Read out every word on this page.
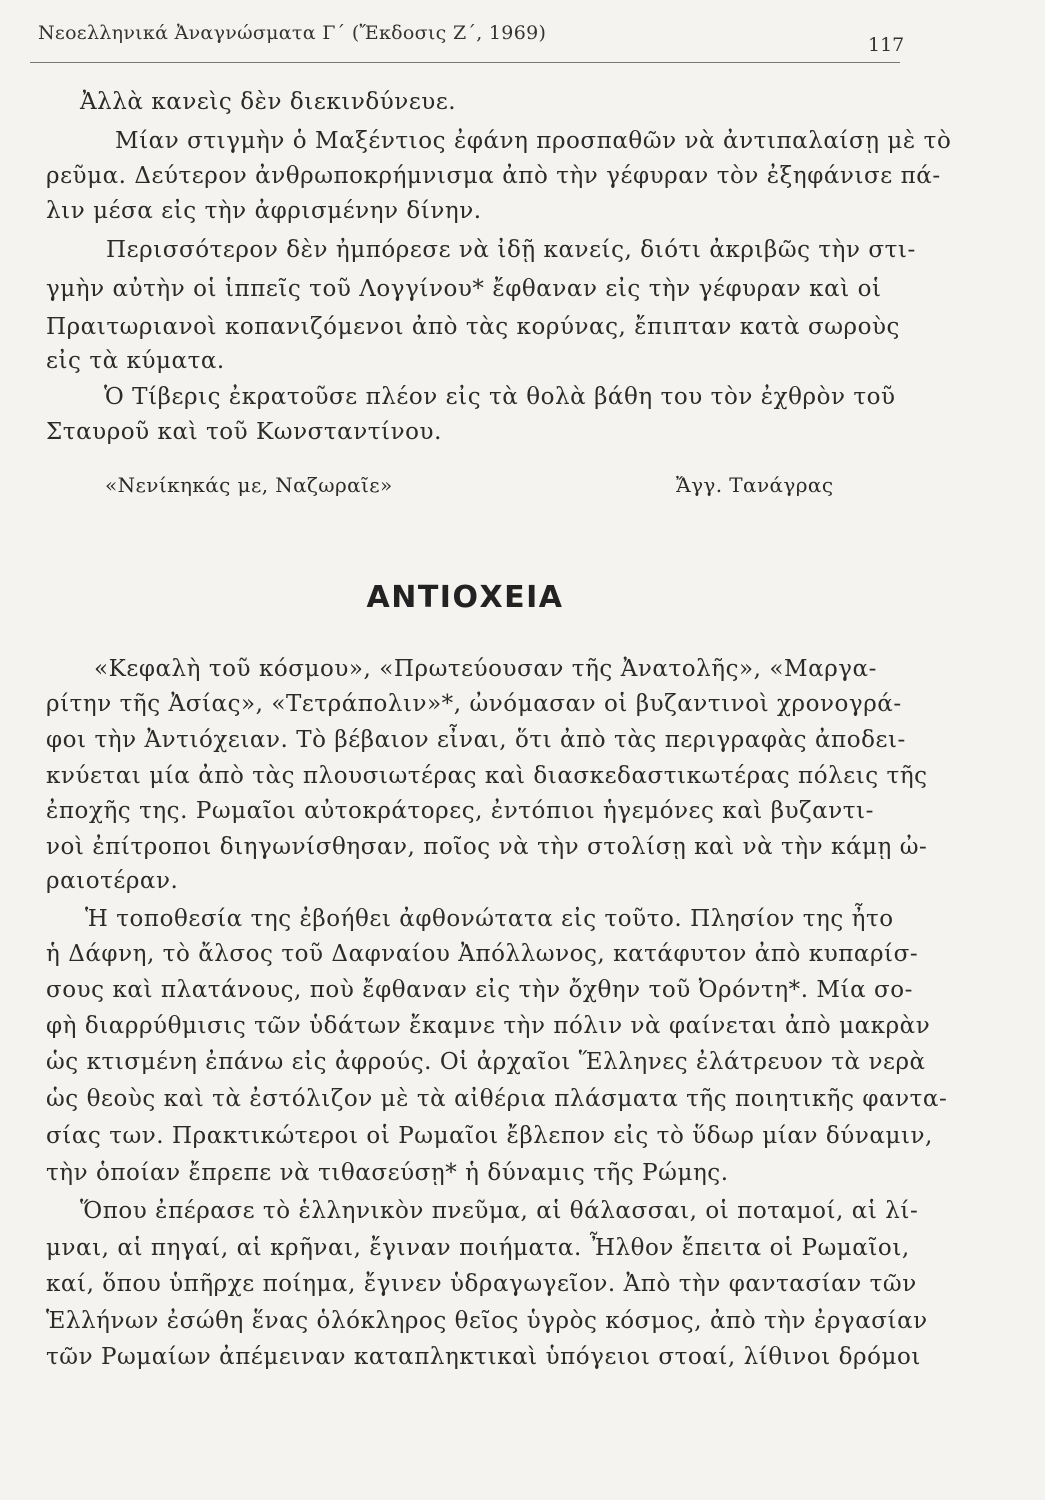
Νεοελληνικά Ἀναγνώσματα Γ΄ (Ἔκδοσις Ζ΄, 1969)
117
Ἀλλὰ κανεὶς δὲν διεκινδύνευε.
Μίαν στιγμὴν ὁ Μαξέντιος ἐφάνη προσπαθῶν νὰ ἀντιπαλαίσῃ μὲ τὸ
ρεῦμα. Δεύτερον ἀνθρωποκρήμνισμα ἀπὸ τὴν γέφυραν τὸν ἐξηφάνισε πά-
λιν μέσα εἰς τὴν ἀφρισμένην δίνην.
Περισσότερον δὲν ἠμπόρεσε νὰ ἰδῇ κανείς, διότι ἀκριβῶς τὴν στι-
γμὴν αὐτὴν οἱ ἱππεῖς τοῦ Λογγίνου* ἔφθαναν εἰς τὴν γέφυραν καὶ οἱ
Πραιτωριανοὶ κοπανιζόμενοι ἀπὸ τὰς κορύνας, ἔπιπταν κατὰ σωροὺς
εἰς τὰ κύματα.
Ὁ Τίβερις ἐκρατοῦσε πλέον εἰς τὰ θολὰ βάθη του τὸν ἐχθρὸν τοῦ
Σταυροῦ καὶ τοῦ Κωνσταντίνου.
«Νενίκηκάς με, Ναζωραῖε»	Ἄγγ. Τανάγρας
ΑΝΤΙΟΧΕΙΑ
«Κεφαλὴ τοῦ κόσμου», «Πρωτεύουσαν τῆς Ἀνατολῆς», «Μαργα-
ρίτην τῆς Ἀσίας», «Τετράπολιν»*, ὠνόμασαν οἱ βυζαντινοὶ χρονογρά-
φοι τὴν Ἀντιόχειαν. Τὸ βέβαιον εἶναι, ὅτι ἀπὸ τὰς περιγραφὰς ἀποδει-
κνύεται μία ἀπὸ τὰς πλουσιωτέρας καὶ διασκεδαστικωτέρας πόλεις τῆς
ἐποχῆς της. Ρωμαῖοι αὐτοκράτορες, ἐντόπιοι ἡγεμόνες καὶ βυζαντι-
νοὶ ἐπίτροποι διηγωνίσθησαν, ποῖος νὰ τὴν στολίσῃ καὶ νὰ τὴν κάμῃ ὠ-
ραιοτέραν.
Ἡ τοποθεσία της ἐβοήθει ἀφθονώτατα εἰς τοῦτο. Πλησίον της ἦτο
ἡ Δάφνη, τὸ ἄλσος τοῦ Δαφναίου Ἀπόλλωνος, κατάφυτον ἀπὸ κυπαρίσ-
σους καὶ πλατάνους, ποὺ ἔφθαναν εἰς τὴν ὄχθην τοῦ Ὀρόντη*. Μία σο-
φὴ διαρρύθμισις τῶν ὑδάτων ἔκαμνε τὴν πόλιν νὰ φαίνεται ἀπὸ μακρὰν
ὡς κτισμένη ἐπάνω εἰς ἀφρούς. Οἱ ἀρχαῖοι Ἕλληνες ἐλάτρευον τὰ νερὰ
ὡς θεοὺς καὶ τὰ ἐστόλιζον μὲ τὰ αἰθέρια πλάσματα τῆς ποιητικῆς φαντα-
σίας των. Πρακτικώτεροι οἱ Ρωμαῖοι ἔβλεπον εἰς τὸ ὕδωρ μίαν δύναμιν,
τὴν ὁποίαν ἔπρεπε νὰ τιθασεύσῃ* ἡ δύναμις τῆς Ρώμης.
Ὅπου ἐπέρασε τὸ ἑλληνικὸν πνεῦμα, αἱ θάλασσαι, οἱ ποταμοί, αἱ λί-
μναι, αἱ πηγαί, αἱ κρῆναι, ἔγιναν ποιήματα. Ἦλθον ἔπειτα οἱ Ρωμαῖοι,
καί, ὅπου ὑπῆρχε ποίημα, ἔγινεν ὑδραγωγεῖον. Ἀπὸ τὴν φαντασίαν τῶν
Ἑλλήνων ἐσώθη ἕνας ὁλόκληρος θεῖος ὑγρὸς κόσμος, ἀπὸ τὴν ἐργασίαν
τῶν Ρωμαίων ἀπέμειναν καταπληκτικαὶ ὑπόγειοι στοαί, λίθινοι δρόμοι
